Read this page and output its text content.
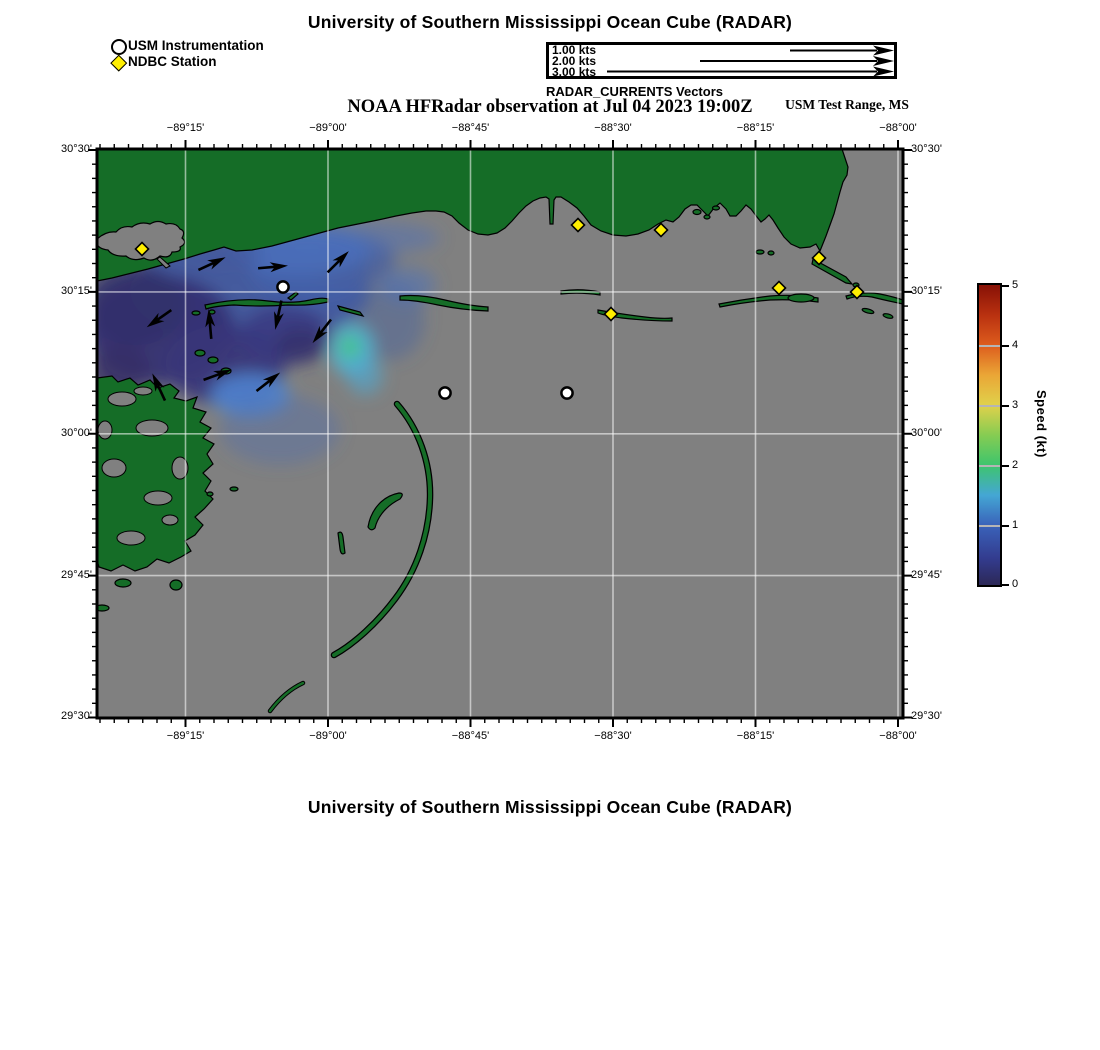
University of Southern Mississippi Ocean Cube (RADAR)
USM Instrumentation
NDBC Station
1.00 kts
2.00 kts
3.00 kts
RADAR_CURRENTS Vectors
NOAA HFRadar observation at Jul 04 2023 19:00Z	USM Test Range, MS
−89°15'	−89°00'	−88°45'	−88°30'	−88°15'	−88°00'
−89°15'	−89°00'	−88°45'	−88°30'	−88°15'	−88°00'
30°30'
30°15'
30°00'
29°45'
29°30'
30°30'
30°15'
30°00'
29°45'
29°30'
5
4
3
2
1
0
Speed (kt)
University of Southern Mississippi Ocean Cube (RADAR)
